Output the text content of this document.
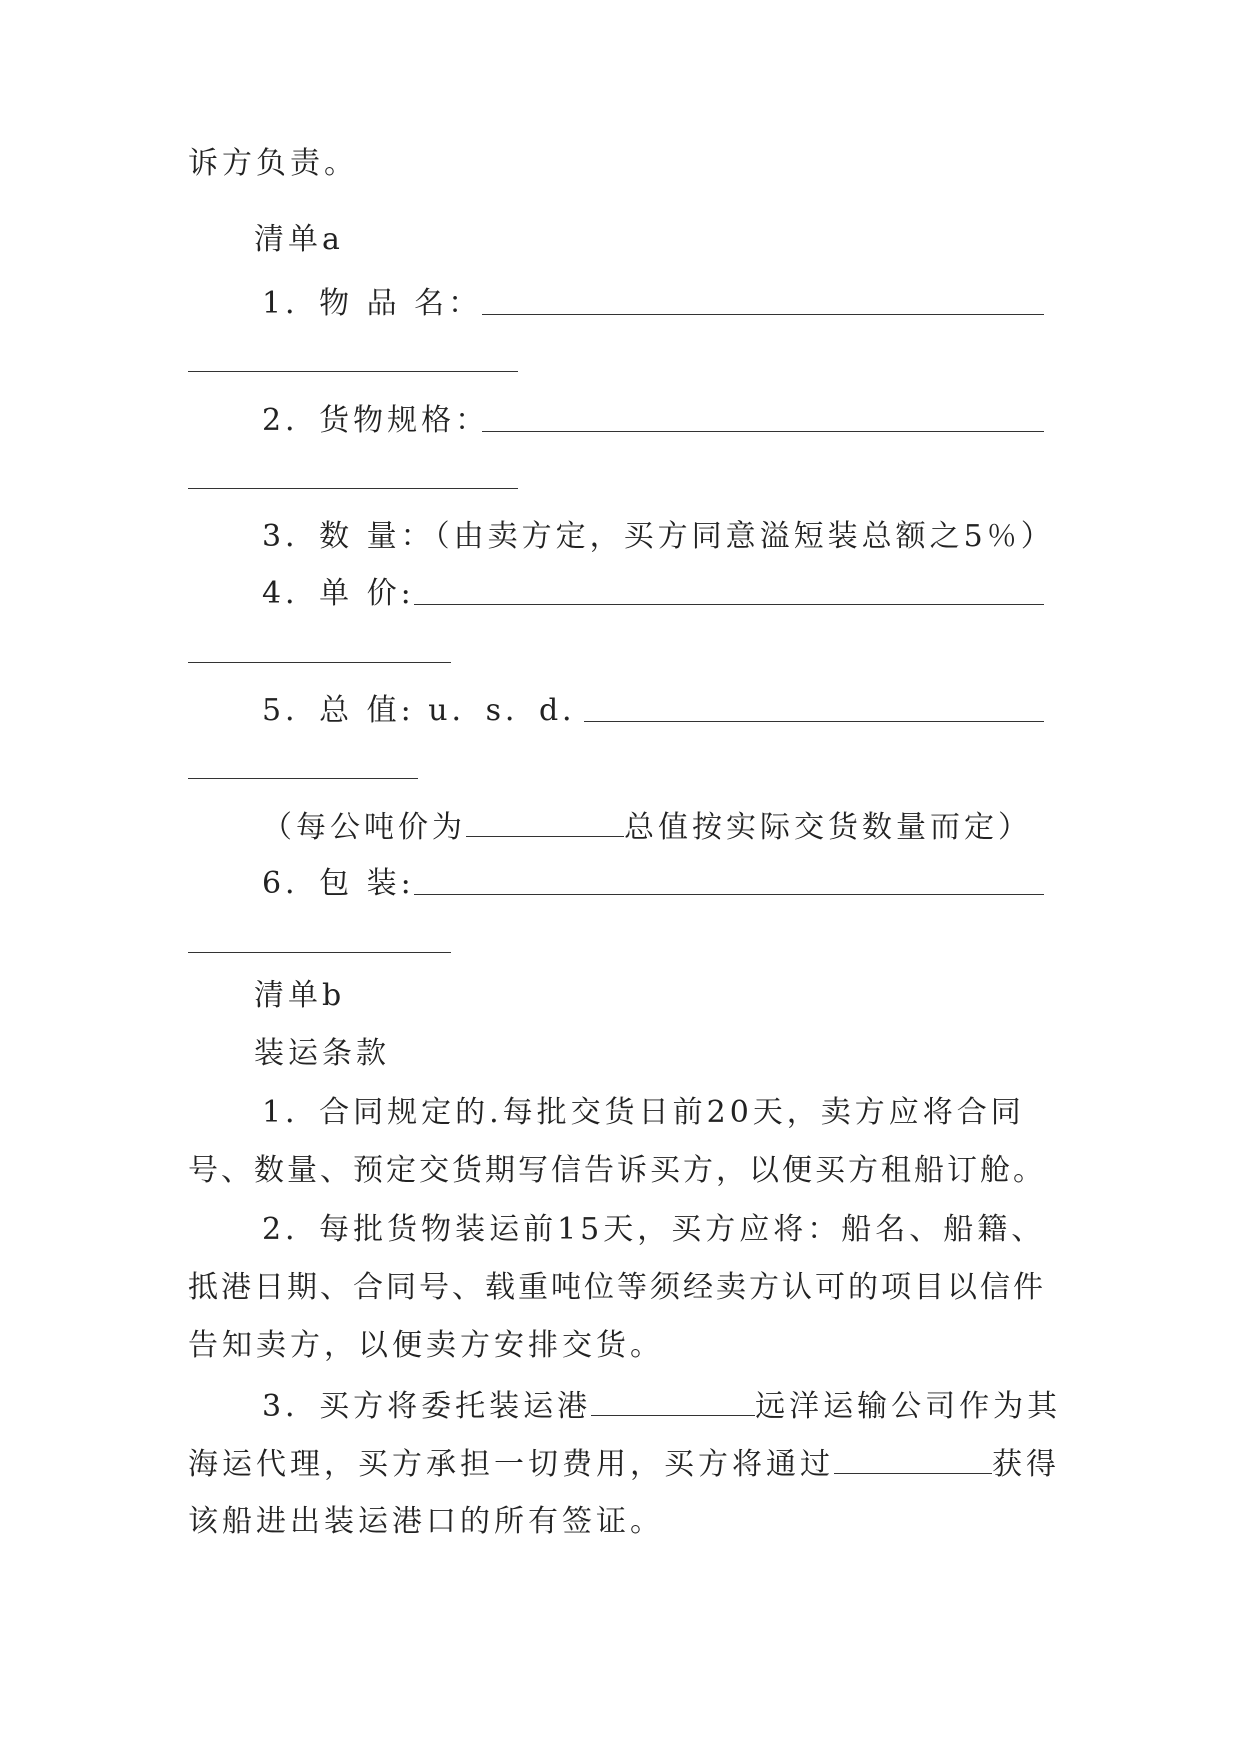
诉方负责。
清单a
1．物 品 名：
2．货物规格：
3．数 量：（由卖方定，买方同意溢短装总额之5％）
4．单 价:
5．总 值: u．s．d．
（每公吨价为	总值按实际交货数量而定）
6．包 装:
清单b
装运条款
1．合同规定的.每批交货日前20天，卖方应将合同
号、数量、预定交货期写信告诉买方，以便买方租船订舱。
2．每批货物装运前15天，买方应将：船名、船籍、
抵港日期、合同号、载重吨位等须经卖方认可的项目以信件
告知卖方，以便卖方安排交货。
3．买方将委托装运港	远洋运输公司作为其
海运代理，买方承担一切费用，买方将通过	获得
该船进出装运港口的所有签证。
